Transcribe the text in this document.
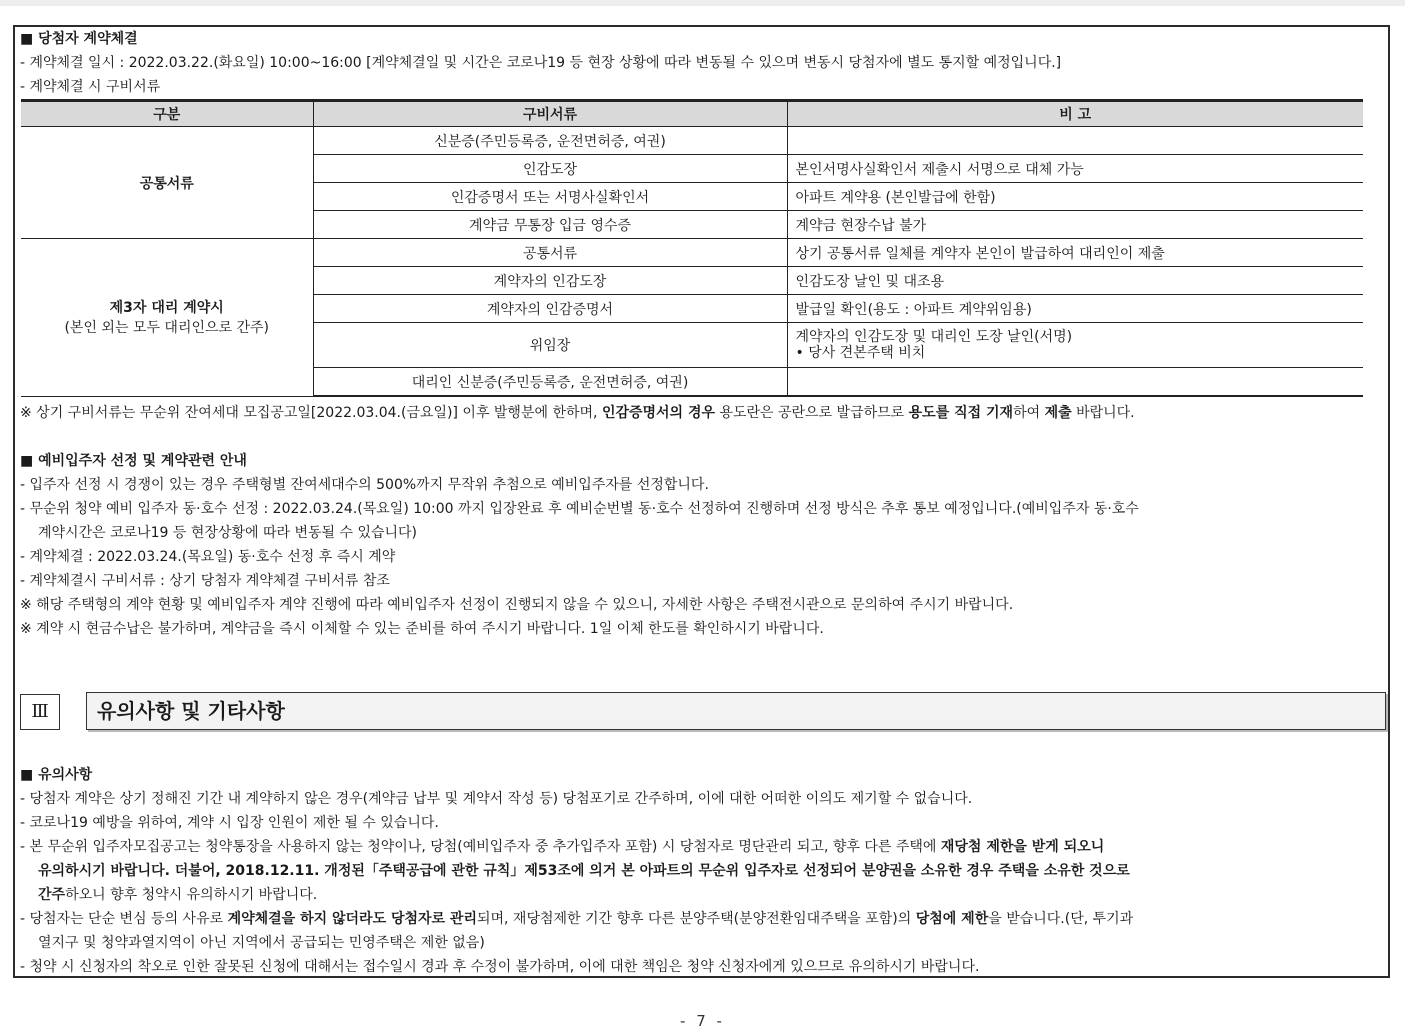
■ 당첨자 계약체결
- 계약체결 일시 : 2022.03.22.(화요일) 10:00~16:00 [계약체결일 및 시간은 코로나19 등 현장 상황에 따라 변동될 수 있으며 변동시 당첨자에 별도 통지할 예정입니다.]
- 계약체결 시 구비서류
구분	구비서류	비 고
공통서류	신분증(주민등록증, 운전면허증, 여권)	
	인감도장	본인서명사실확인서 제출시 서명으로 대체 가능
	인감증명서 또는 서명사실확인서	아파트 계약용 (본인발급에 한함)
	계약금 무통장 입금 영수증	계약금 현장수납 불가
제3자 대리 계약시
(본인 외는 모두 대리인으로 간주)	공통서류	상기 공통서류 일체를 계약자 본인이 발급하여 대리인이 제출
	계약자의 인감도장	인감도장 날인 및 대조용
	계약자의 인감증명서	발급일 확인(용도 : 아파트 계약위임용)
	위임장	계약자의 인감도장 및 대리인 도장 날인(서명)
• 당사 견본주택 비치

	대리인 신분증(주민등록증, 운전면허증, 여권)	
※ 상기 구비서류는 무순위 잔여세대 모집공고일[2022.03.04.(금요일)] 이후 발행분에 한하며, 인감증명서의 경우 용도란은 공란으로 발급하므로 용도를 직접 기재하여 제출 바랍니다.
■ 예비입주자 선정 및 계약관련 안내
- 입주자 선정 시 경쟁이 있는 경우 주택형별 잔여세대수의 500%까지 무작위 추첨으로 예비입주자를 선정합니다.
- 무순위 청약 예비 입주자 동·호수 선정 : 2022.03.24.(목요일) 10:00 까지 입장완료 후 예비순번별 동·호수 선정하여 진행하며 선정 방식은 추후 통보 예정입니다.(예비입주자 동·호수
계약시간은 코로나19 등 현장상황에 따라 변동될 수 있습니다)
- 계약체결 : 2022.03.24.(목요일) 동·호수 선정 후 즉시 계약
- 계약체결시 구비서류 : 상기 당첨자 계약체결 구비서류 참조
※ 해당 주택형의 계약 현황 및 예비입주자 계약 진행에 따라 예비입주자 선정이 진행되지 않을 수 있으니, 자세한 사항은 주택전시관으로 문의하여 주시기 바랍니다.
※ 계약 시 현금수납은 불가하며, 계약금을 즉시 이체할 수 있는 준비를 하여 주시기 바랍니다. 1일 이체 한도를 확인하시기 바랍니다.
Ⅲ	유의사항 및 기타사항
■ 유의사항
- 당첨자 계약은 상기 정해진 기간 내 계약하지 않은 경우(계약금 납부 및 계약서 작성 등) 당첨포기로 간주하며, 이에 대한 어떠한 이의도 제기할 수 없습니다.
- 코로나19 예방을 위하여, 계약 시 입장 인원이 제한 될 수 있습니다.
- 본 무순위 입주자모집공고는 청약통장을 사용하지 않는 청약이나, 당첨(예비입주자 중 추가입주자 포함) 시 당첨자로 명단관리 되고, 향후 다른 주택에 재당첨 제한을 받게 되오니
유의하시기 바랍니다. 더불어, 2018.12.11. 개정된「주택공급에 관한 규칙」제53조에 의거 본 아파트의 무순위 입주자로 선정되어 분양권을 소유한 경우 주택을 소유한 것으로
간주하오니 향후 청약시 유의하시기 바랍니다.
- 당첨자는 단순 변심 등의 사유로 계약체결을 하지 않더라도 당첨자로 관리되며, 재당첨제한 기간 향후 다른 분양주택(분양전환임대주택을 포함)의 당첨에 제한을 받습니다.(단, 투기과
열지구 및 청약과열지역이 아닌 지역에서 공급되는 민영주택은 제한 없음)
- 청약 시 신청자의 착오로 인한 잘못된 신청에 대해서는 접수일시 경과 후 수정이 불가하며, 이에 대한 책임은 청약 신청자에게 있으므로 유의하시기 바랍니다.
- 7 -
